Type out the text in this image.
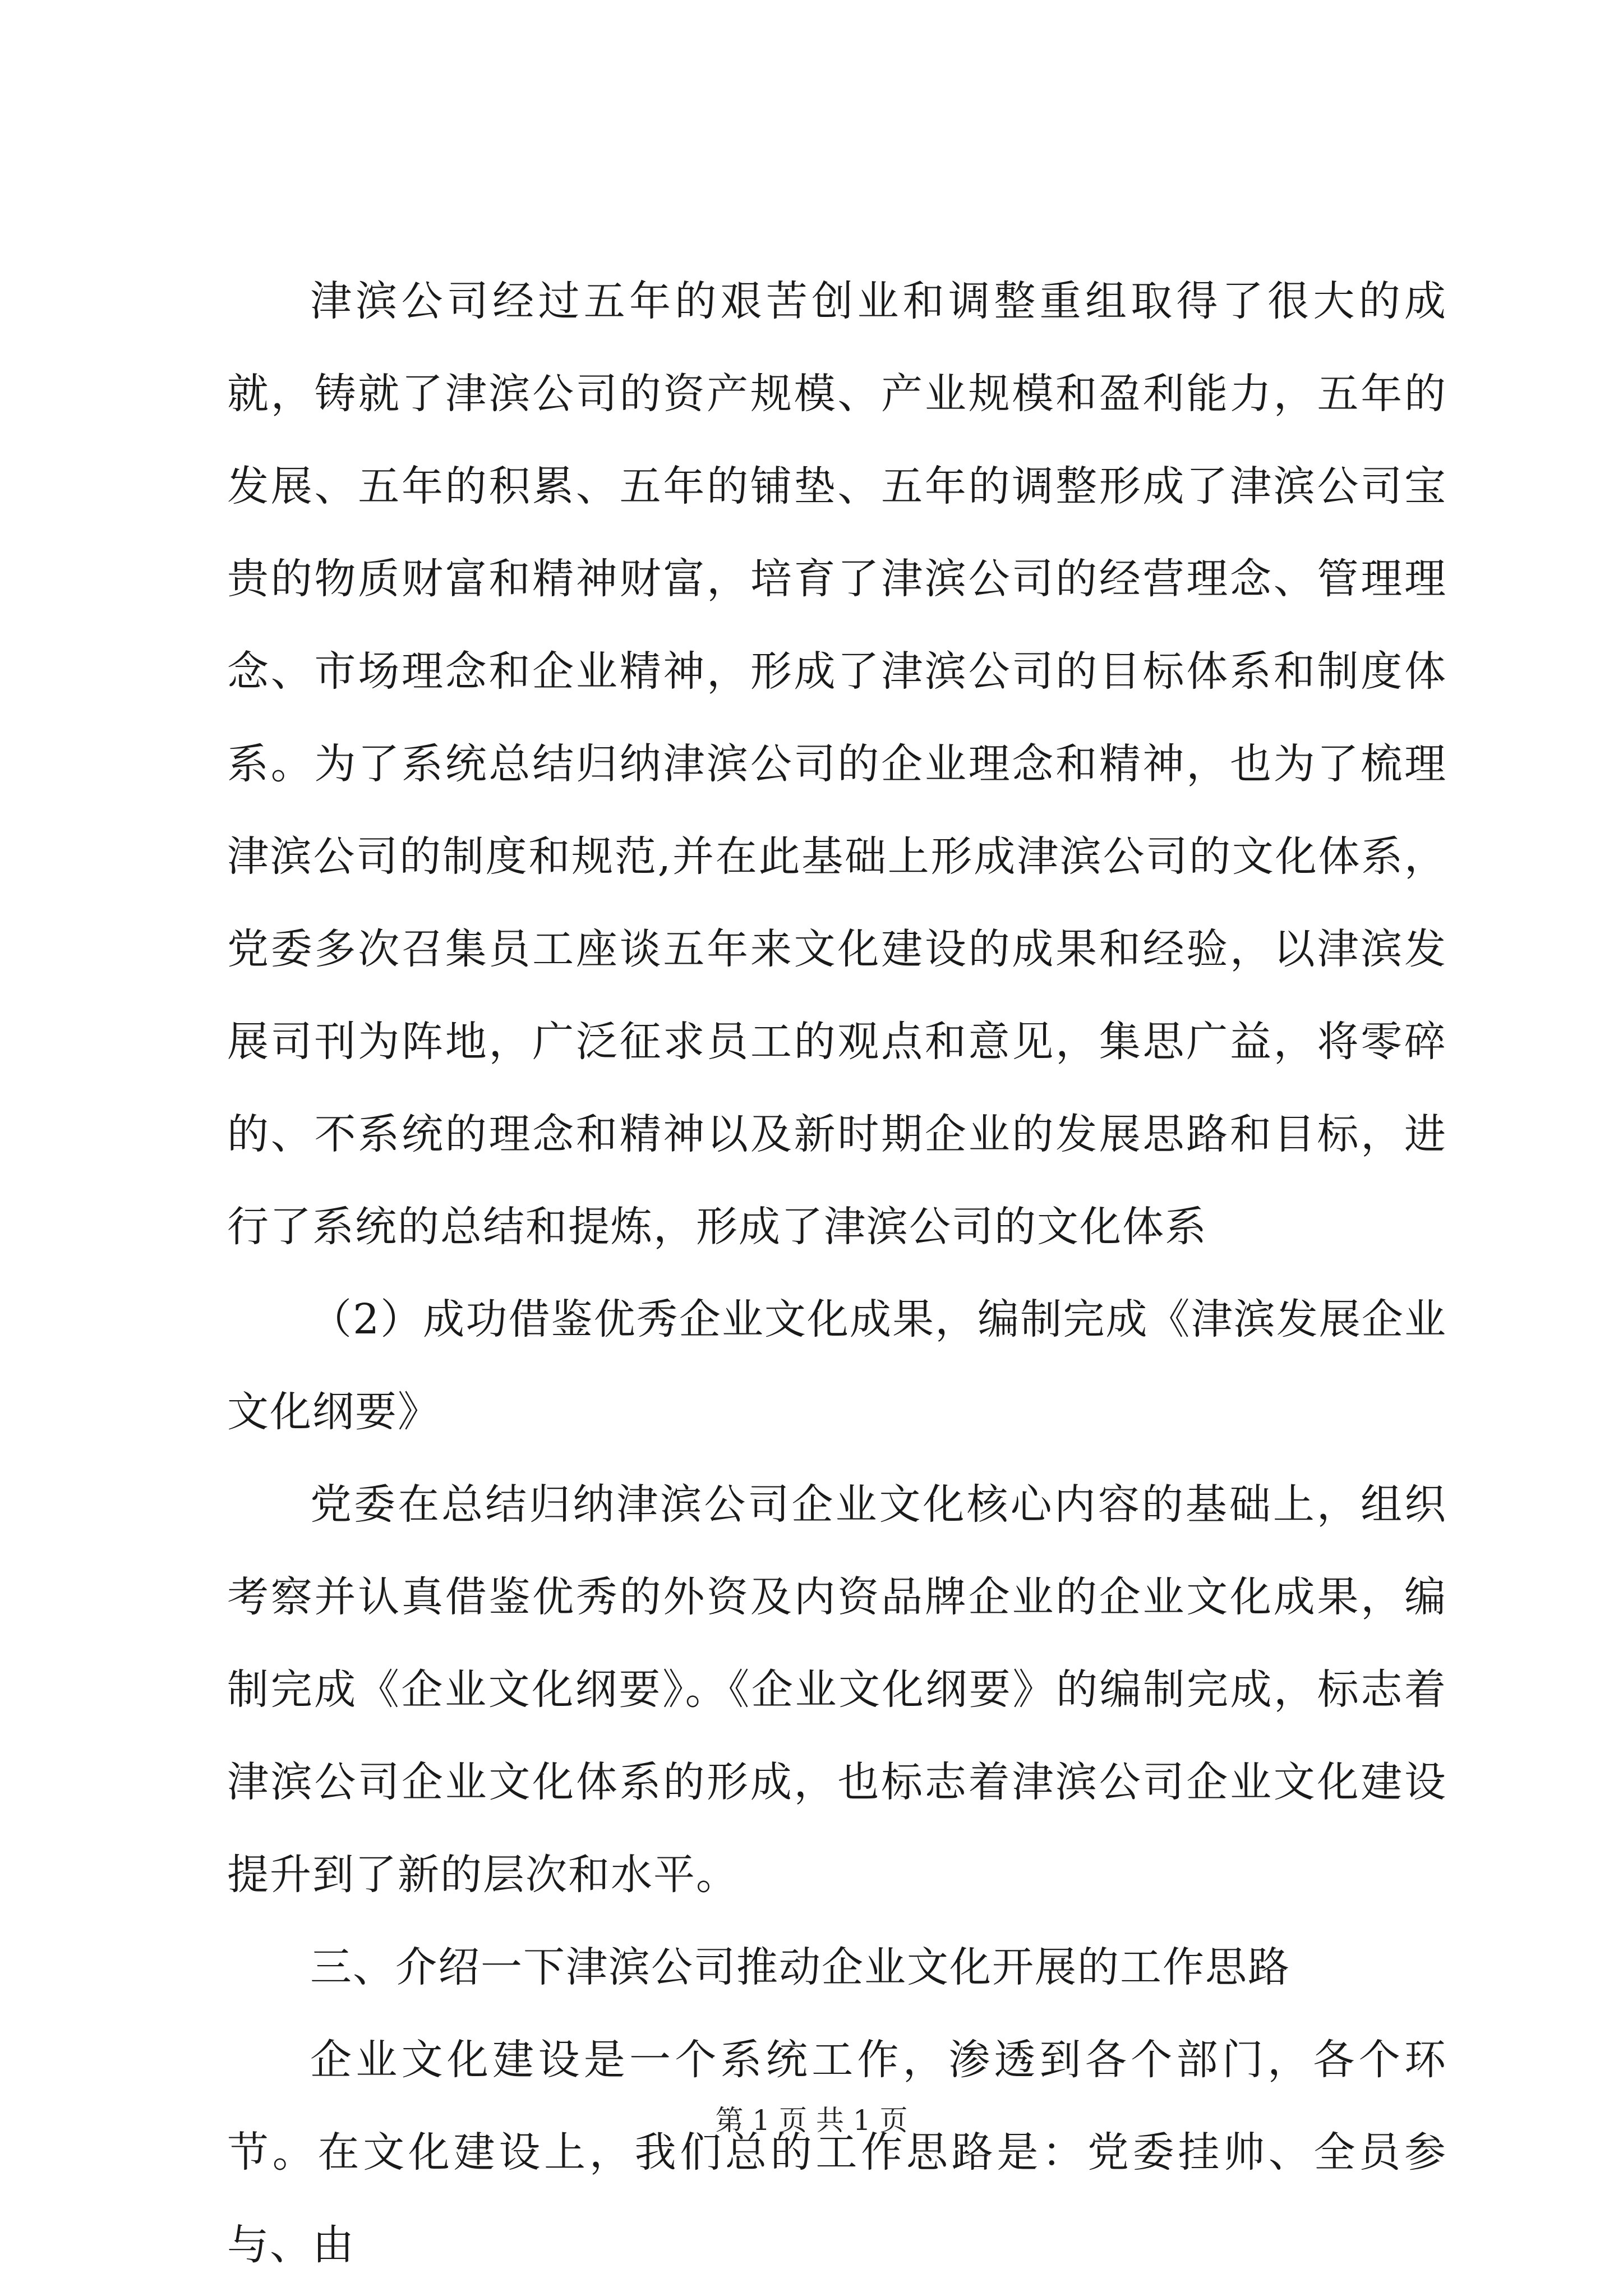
津滨公司经过五年的艰苦创业和调整重组取得了很大的成就，铸就了津滨公司的资产规模、产业规模和盈利能力，五年的发展、五年的积累、五年的铺垫、五年的调整形成了津滨公司宝贵的物质财富和精神财富，培育了津滨公司的经营理念、管理理念、市场理念和企业精神，形成了津滨公司的目标体系和制度体系。为了系统总结归纳津滨公司的企业理念和精神，也为了梳理津滨公司的制度和规范,并在此基础上形成津滨公司的文化体系，党委多次召集员工座谈五年来文化建设的成果和经验，以津滨发展司刊为阵地，广泛征求员工的观点和意见，集思广益，将零碎的、不系统的理念和精神以及新时期企业的发展思路和目标，进行了系统的总结和提炼，形成了津滨公司的文化体系

（2）成功借鉴优秀企业文化成果，编制完成《津滨发展企业文化纲要》

党委在总结归纳津滨公司企业文化核心内容的基础上，组织考察并认真借鉴优秀的外资及内资品牌企业的企业文化成果，编制完成《企业文化纲要》。《企业文化纲要》的编制完成，标志着津滨公司企业文化体系的形成，也标志着津滨公司企业文化建设提升到了新的层次和水平。

三、介绍一下津滨公司推动企业文化开展的工作思路

企业文化建设是一个系统工作，渗透到各个部门，各个环节。在文化建设上，我们总的工作思路是：党委挂帅、全员参与、由

第 1 页 共 1 页
